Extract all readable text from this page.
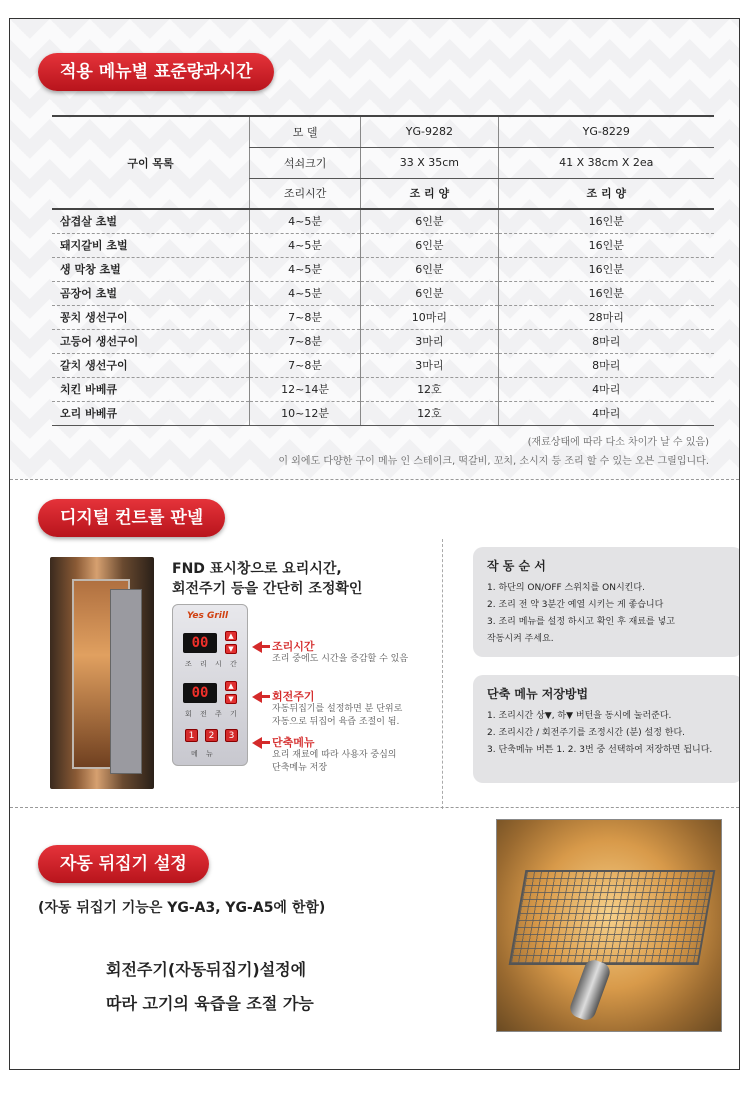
적용 메뉴별 표준량과시간
구이 목록	모 델	YG-9282	YG-8229
	석쇠크기	33 X 35cm	41 X 38cm X 2ea
	조리시간	조 리 양	조 리 양
삼겹살 초벌	4~5분	6인분	16인분
돼지갈비 초벌	4~5분	6인분	16인분
생 막창 초벌	4~5분	6인분	16인분
곰장어 초벌	4~5분	6인분	16인분
꽁치 생선구이	7~8분	10마리	28마리
고등어 생선구이	7~8분	3마리	8마리
갈치 생선구이	7~8분	3마리	8마리
치킨 바베큐	12~14분	12호	4마리
오리 바베큐	10~12분	12호	4마리
(재료상태에 따라 다소 차이가 날 수 있음)
이 외에도 다양한 구이 메뉴 인 스테이크, 떡갈비, 꼬치, 소시지 등 조리 할 수 있는 오븐 그릴입니다.
디지털 컨트롤 판넬
FND 표시창으로 요리시간,
회전주기 등을 간단히 조정확인
Yes Grill
00	▲
▼
조 리 시 간
00	▲
▼
회 전 주 기
1	2	3
메 뉴
조리시간
조리 중에도 시간을 증감할 수 있음
회전주기
자동뒤집기를 설정하면 분 단위로
자동으로 뒤집어 육즙 조절이 됨.
단축메뉴
요리 재료에 따라 사용자 중심의
단축메뉴 저장
작 동 순 서

1. 하단의 ON/OFF 스위치를 ON시킨다.

2. 조리 전 약 3분간 예열 시키는 게 좋습니다

3. 조리 메뉴를 설정 하시고 확인 후 재료를 넣고

작동시켜 주세요.

단축 메뉴 저장방법

1. 조리시간 상▼, 하▼ 버턴을 동시에 눌러준다.

2. 조리시간 / 회전주기를 조정시간 (분) 설정 한다.

3. 단축메뉴 버튼 1. 2. 3번 중 선택하여 저장하면 됩니다.

자동 뒤집기 설정
(자동 뒤집기 기능은 YG-A3, YG-A5에 한함)
회전주기(자동뒤집기)설정에
따라 고기의 육즙을 조절 가능
